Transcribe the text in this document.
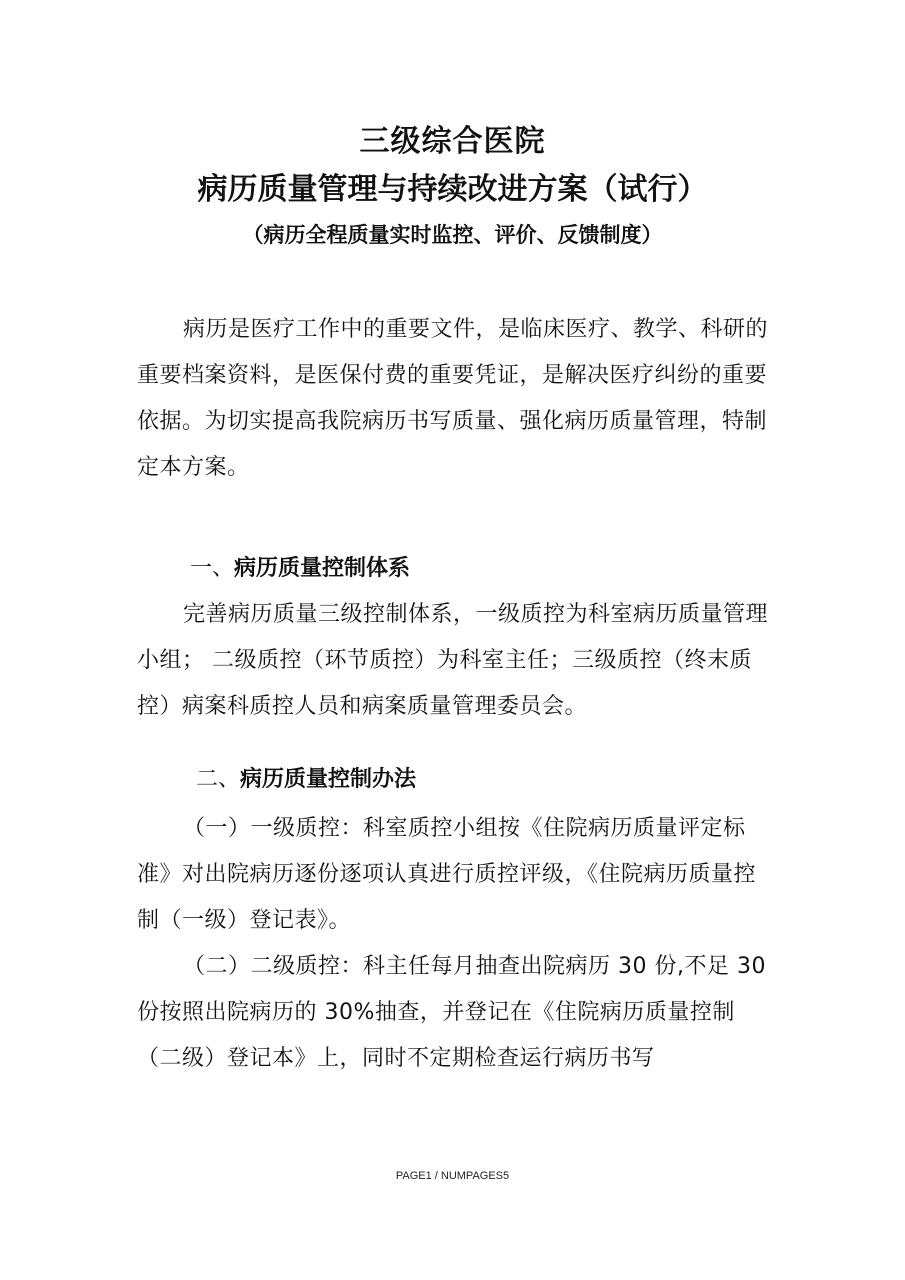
三级综合医院
病历质量管理与持续改进方案（试行）
（病历全程质量实时监控、评价、反馈制度）

病历是医疗工作中的重要文件，是临床医疗、教学、科研的重要档案资料，是医保付费的重要凭证，是解决医疗纠纷的重要依据。为切实提高我院病历书写质量、强化病历质量管理，特制定本方案。

一、病历质量控制体系

完善病历质量三级控制体系，一级质控为科室病历质量管理小组； 二级质控（环节质控）为科室主任；三级质控（终末质控）病案科质控人员和病案质量管理委员会。

二、病历质量控制办法

（一）一级质控：科室质控小组按《住院病历质量评定标准》对出院病历逐份逐项认真进行质控评级，《住院病历质量控制（一级）登记表》。

（二）二级质控：科主任每月抽查出院病历 30 份,不足 30 份按照出院病历的 30%抽查，并登记在《住院病历质量控制（二级）登记本》上，同时不定期检查运行病历书写

PAGE1 / NUMPAGES5
